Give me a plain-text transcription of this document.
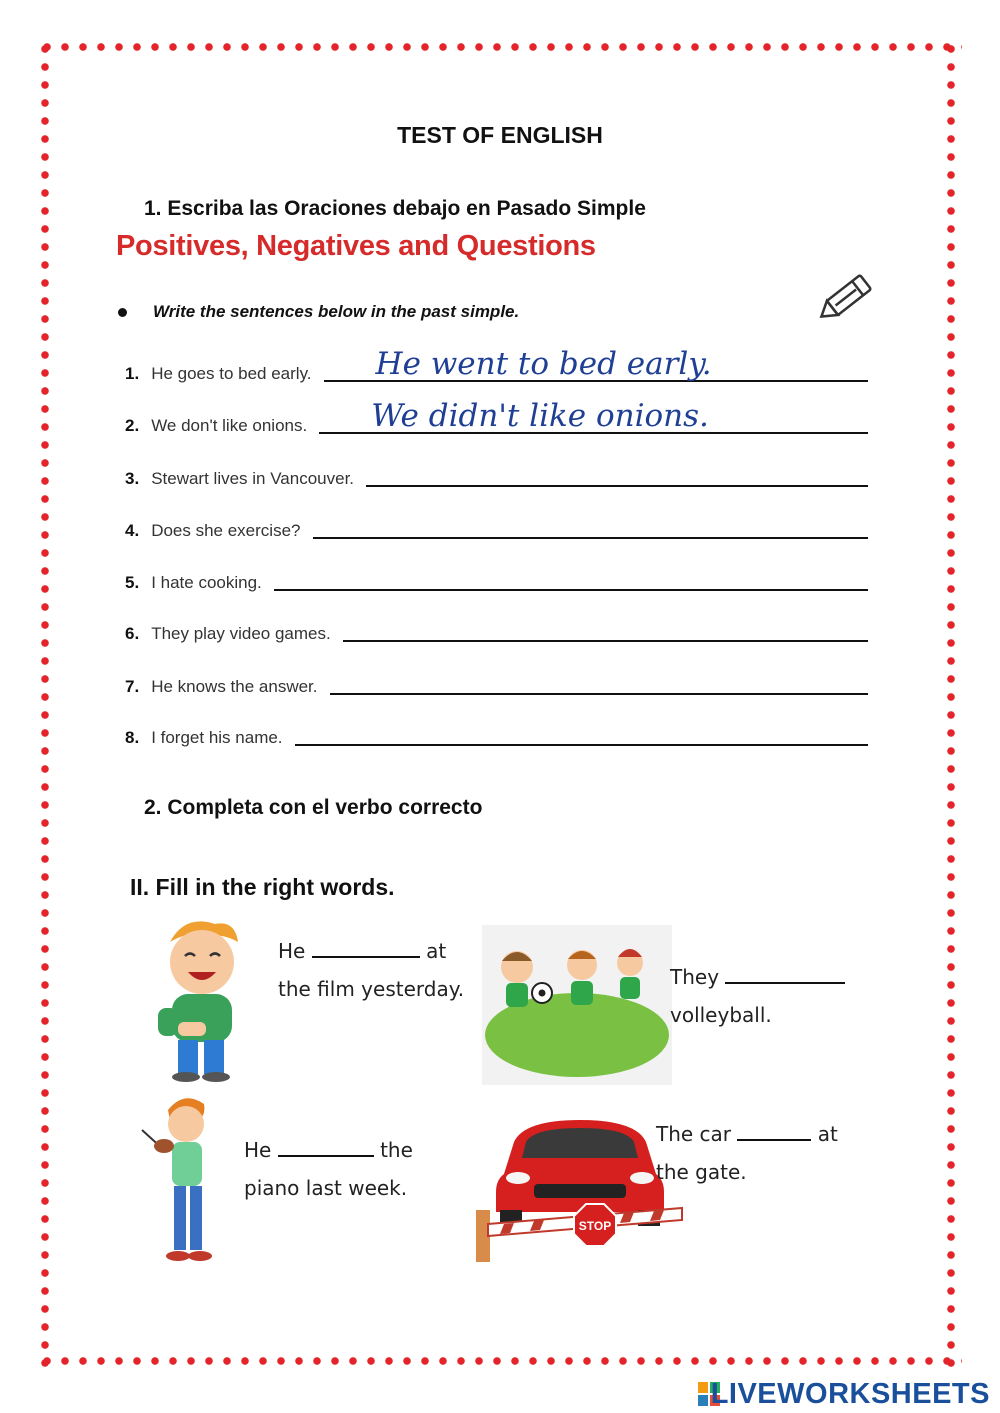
TEST OF ENGLISH
1. Escriba las Oraciones debajo en Pasado Simple
Positives, Negatives and Questions
Write the sentences below in the past simple.
1. He goes to bed early. He went to bed early.
2. We don't like onions. We didn't like onions.
3. Stewart lives in Vancouver.
4. Does she exercise?
5. I hate cooking.
6. They play video games.
7. He knows the answer.
8. I forget his name.
2. Completa con el verbo correcto
II. Fill in the right words.
He	at
the film yesterday.	They
volleyball.
He	the
piano last week.
STOP
The car	at
the gate.
LIVEWORKSHEETS
